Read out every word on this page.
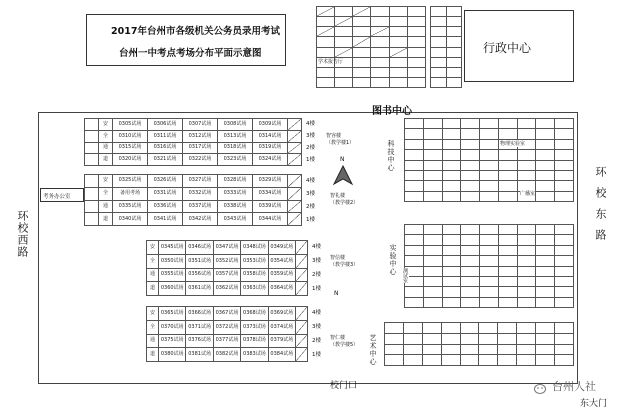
2017年台州市各级机关公务员录用考试
台州一中考点考场分布平面示意图
学术报告厅
行政中心
图书中心
环校西路	环校东路
安	0305试场	0306试场	0307试场	0308试场	0309试场
全	0310试场	0311试场	0312试场	0313试场	0314试场
通	0315试场	0316试场	0317试场	0318试场	0319试场
道	0320试场	0321试场	0322试场	0323试场	0324试场
4楼
3楼
2楼
1楼
智容楼
（教学楼1）
安	0325试场	0326试场	0327试场	0328试场	0329试场
全	备用考场	0331试场	0332试场	0333试场	0334试场
通	0335试场	0336试场	0337试场	0338试场	0339试场
道	0340试场	0341试场	0342试场	0343试场	0344试场
考务办公室
4楼
3楼
2楼
1楼
N
智礼楼
（教学楼2）
安	0345试场 0346试场 0347试场 0348试场 0349试场
全	0350试场 0351试场 0352试场 0353试场 0354试场
通	0355试场 0356试场 0357试场 0358试场 0359试场
道	0360试场 0361试场 0362试场 0363试场 0364试场
4楼
3楼
2楼
1楼
智信楼
（教学楼3）
N
安	0365试场 0366试场 0367试场 0368试场 0369试场
全	0370试场 0371试场 0372试场 0373试场 0374试场
通	0375试场 0376试场 0377试场 0378试场 0379试场
道	0380试场 0381试场 0382试场 0383试场 0384试场
4楼
3楼
2楼
1楼
智仁楼
（教学楼5）
科技中心	物理实验室
广播室
实验中心 测试室
艺术中心
校门口
东大门
台州人社
